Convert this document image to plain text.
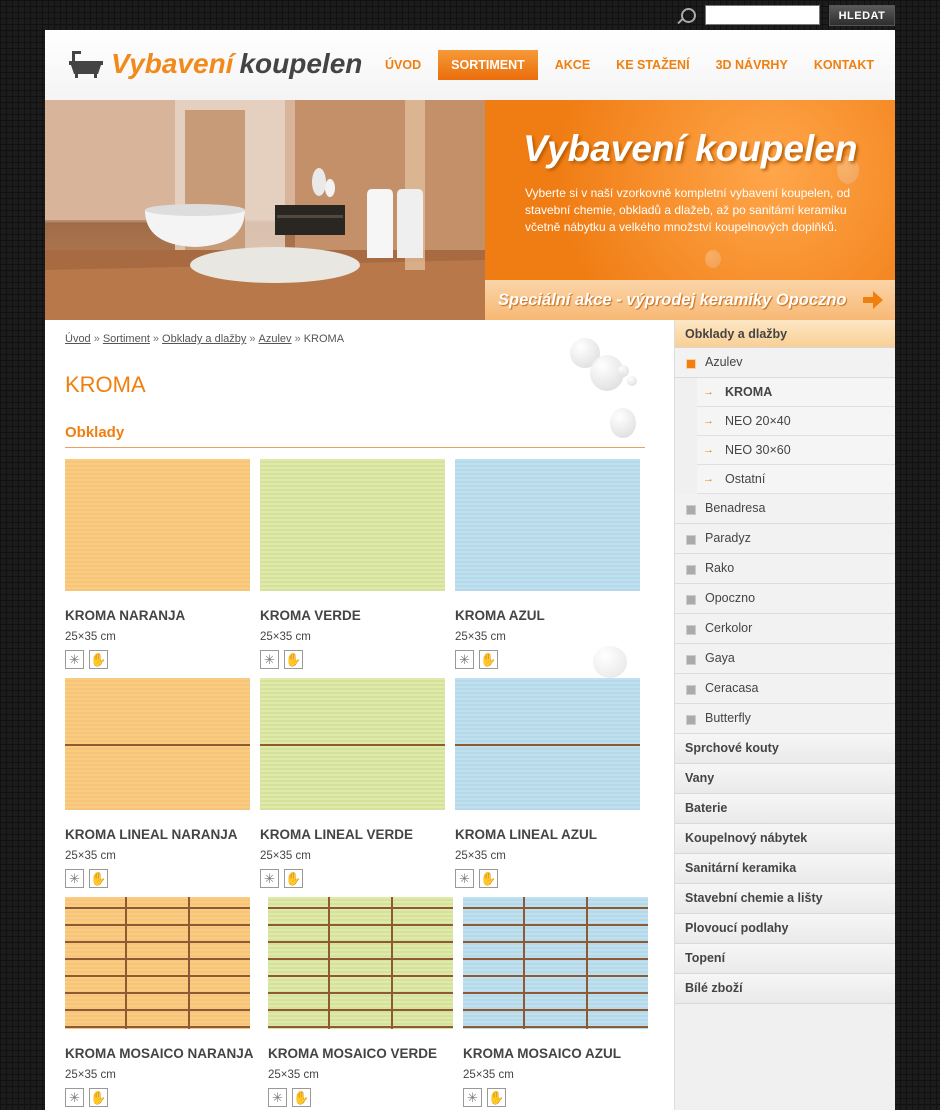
HLEDAT
Vybavení koupelen	ÚVOD	SORTIMENT	AKCE	KE STAŽENÍ	3D NÁVRHY	KONTAKT
Vybavení koupelen

Vyberte si v naší vzorkovně kompletní vybavení koupelen, od stavební chemie, obkladů a dlažeb, až po sanitámí keramiku včetně nábytku a velkého množství koupelnových doplňků.

Speciální akce - výprodej keramiky Opoczno
Úvod » Sortiment » Obklady a dlažby » Azulev » KROMA
KROMA
Obklady
KROMA NARANJA
25×35 cm
✳ ✋
KROMA VERDE
25×35 cm
✳ ✋
KROMA AZUL
25×35 cm
✳ ✋
KROMA LINEAL NARANJA
25×35 cm
✳ ✋
KROMA LINEAL VERDE
25×35 cm
✳ ✋
KROMA LINEAL AZUL
25×35 cm
✳ ✋
KROMA MOSAICO NARANJA
25×35 cm
✳ ✋
KROMA MOSAICO VERDE
25×35 cm
✳ ✋
KROMA MOSAICO AZUL
25×35 cm
✳ ✋
Obklady a dlažby
Azulev
→ KROMA
→ NEO 20×40
→ NEO 30×60
→ Ostatní
Benadresa
Paradyz
Rako
Opoczno
Cerkolor
Gaya
Ceracasa
Butterfly
Sprchové kouty
Vany
Baterie
Koupelnový nábytek
Sanitární keramika
Stavební chemie a lišty
Plovoucí podlahy
Topení
Bílé zboží
